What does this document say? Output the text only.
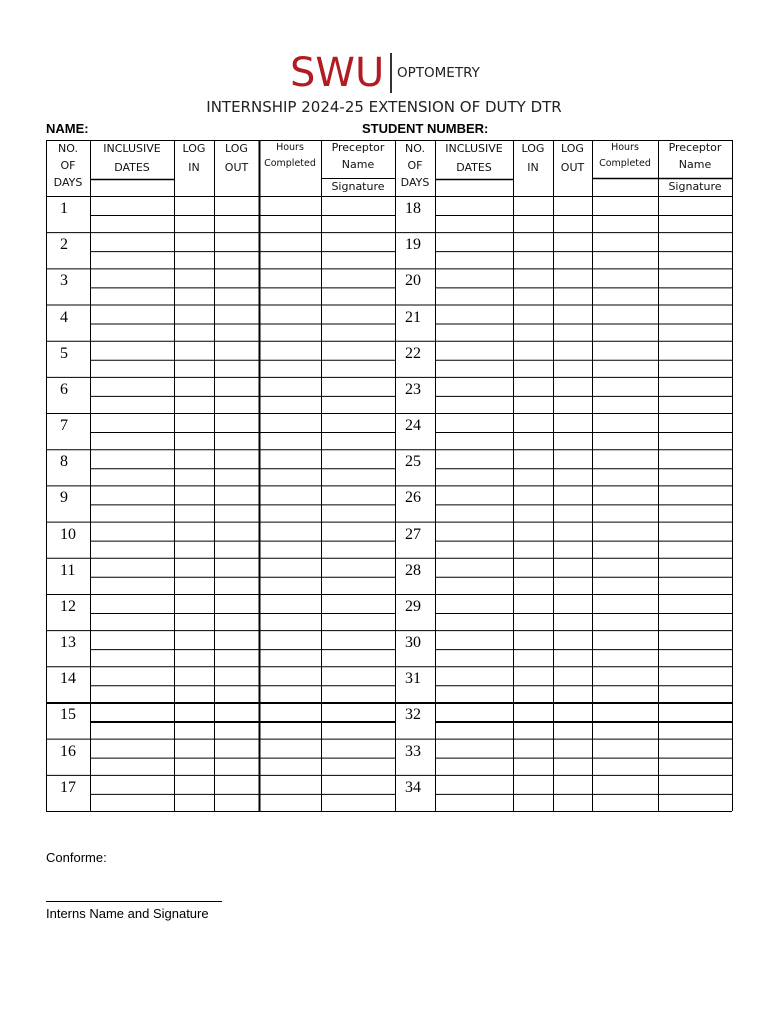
SWU OPTOMETRY
INTERNSHIP 2024-25 EXTENSION OF DUTY DTR
NAME:	STUDENT NUMBER:
NO.
OF
DAYS
INCLUSIVE
DATES
LOG
IN
LOG
OUT
Hours
Completed
Preceptor
Name
Signature
NO.
OF
DAYS
INCLUSIVE
DATES
LOG
IN
LOG
OUT
Hours
Completed
Preceptor
Name
Signature
1
2
3
4
5
6
7
8
9
10
11
12
13
14
15
16
17
18
19
20
21
22
23
24
25
26
27
28
29
30
31
32
33
34
Conforme:
Interns Name and Signature
